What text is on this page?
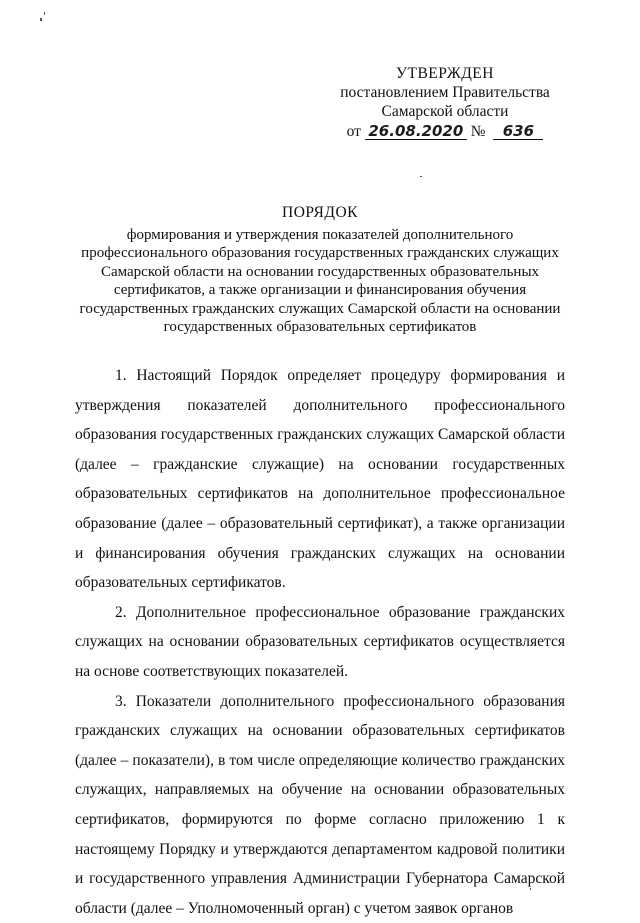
УТВЕРЖДЕН
постановлением Правительства
Самарской области
от 26.08.2020 № 636
ПОРЯДОК
формирования и утверждения показателей дополнительного профессионального образования государственных гражданских служащих Самарской области на основании государственных образовательных сертификатов, а также организации и финансирования обучения государственных гражданских служащих Самарской области на основании государственных образовательных сертификатов

1. Настоящий Порядок определяет процедуру формирования и утверждения показателей дополнительного профессионального образования государственных гражданских служащих Самарской области (далее – гражданские служащие) на основании государственных образовательных сертификатов на дополнительное профессиональное образование (далее – образовательный сертификат), а также организации и финансирования обучения гражданских служащих на основании образовательных сертификатов.

2. Дополнительное профессиональное образование гражданских служащих на основании образовательных сертификатов осуществляется на основе соответствующих показателей.

3. Показатели дополнительного профессионального образования гражданских служащих на основании образовательных сертификатов (далее – показатели), в том числе определяющие количество гражданских служащих, направляемых на обучение на основании образовательных сертификатов, формируются по форме согласно приложению 1 к настоящему Порядку и утверждаются департаментом кадровой политики и государственного управления Администрации Губернатора Самарской области (далее – Уполномоченный орган) с учетом заявок органов
